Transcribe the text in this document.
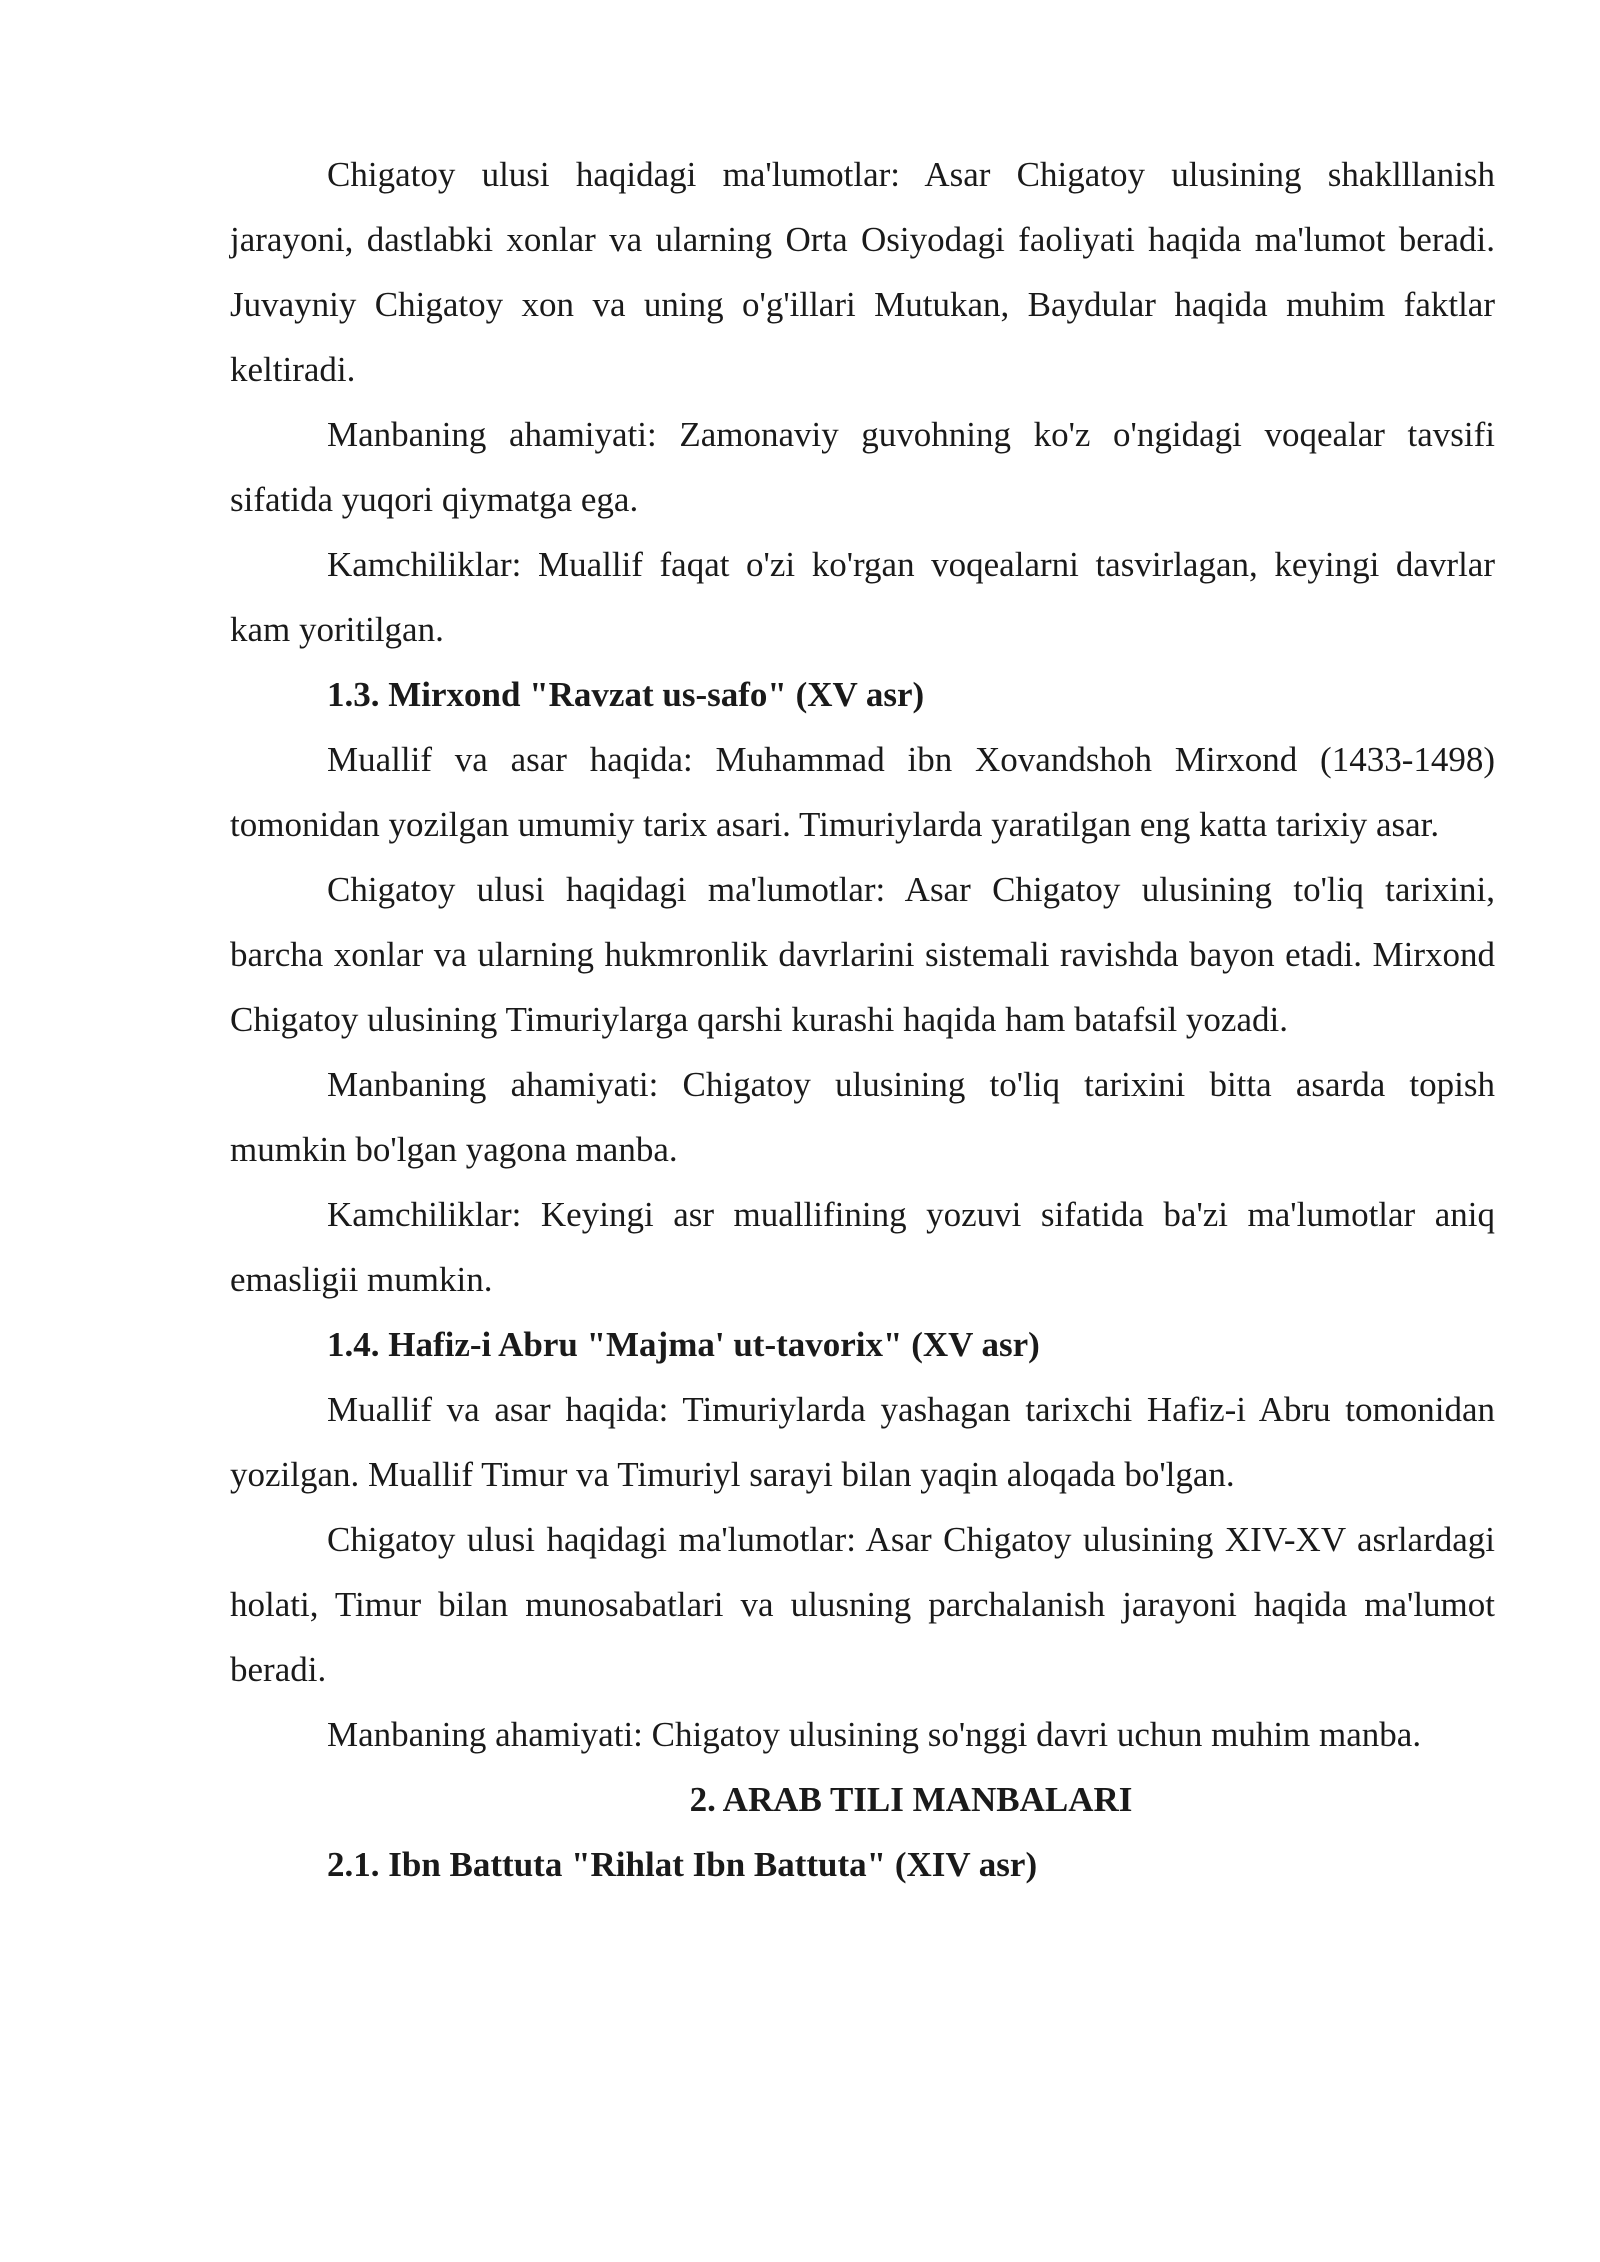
Chigatoy ulusi haqidagi ma'lumotlar: Asar Chigatoy ulusining shaklllanish jarayoni, dastlabki xonlar va ularning Orta Osiyodagi faoliyati haqida ma'lumot beradi. Juvayniy Chigatoy xon va uning o'g'illari Mutukan, Baydular haqida muhim faktlar keltiradi.

Manbaning ahamiyati: Zamonaviy guvohning ko'z o'ngidagi voqealar tavsifi sifatida yuqori qiymatga ega.

Kamchiliklar: Muallif faqat o'zi ko'rgan voqealarni tasvirlagan, keyingi davrlar kam yoritilgan.

1.3. Mirxond "Ravzat us-safo" (XV asr)

Muallif va asar haqida: Muhammad ibn Xovandshoh Mirxond (1433-1498) tomonidan yozilgan umumiy tarix asari. Timuriylarda yaratilgan eng katta tarixiy asar.

Chigatoy ulusi haqidagi ma'lumotlar: Asar Chigatoy ulusining to'liq tarixini, barcha xonlar va ularning hukmronlik davrlarini sistemali ravishda bayon etadi. Mirxond Chigatoy ulusining Timuriylarga qarshi kurashi haqida ham batafsil yozadi.

Manbaning ahamiyati: Chigatoy ulusining to'liq tarixini bitta asarda topish mumkin bo'lgan yagona manba.

Kamchiliklar: Keyingi asr muallifining yozuvi sifatida ba'zi ma'lumotlar aniq emasligii mumkin.

1.4. Hafiz-i Abru "Majma' ut-tavorix" (XV asr)

Muallif va asar haqida: Timuriylarda yashagan tarixchi Hafiz-i Abru tomonidan yozilgan. Muallif Timur va Timuriyl sarayi bilan yaqin aloqada bo'lgan.

Chigatoy ulusi haqidagi ma'lumotlar: Asar Chigatoy ulusining XIV-XV asrlardagi holati, Timur bilan munosabatlari va ulusning parchalanish jarayoni haqida ma'lumot beradi.

Manbaning ahamiyati: Chigatoy ulusining so'nggi davri uchun muhim manba.

2. ARAB TILI MANBALARI

2.1. Ibn Battuta "Rihlat Ibn Battuta" (XIV asr)
